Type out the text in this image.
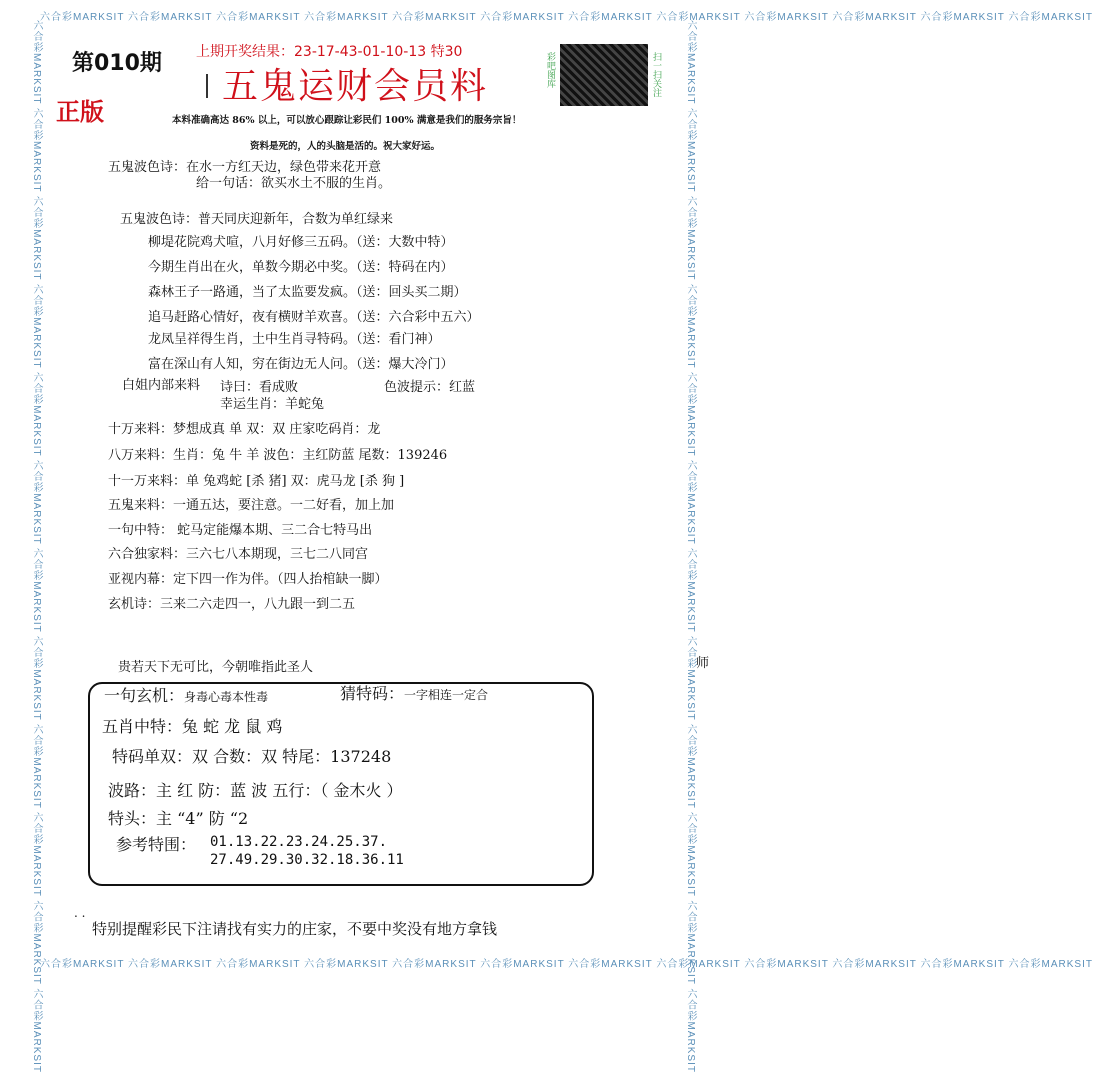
六合彩MARKSIT 六合彩MARKSIT 六合彩MARKSIT 六合彩MARKSIT 六合彩MARKSIT 六合彩MARKSIT 六合彩MARKSIT 六合彩MARKSIT 六合彩MARKSIT 六合彩MARKSIT 六合彩MARKSIT 六合彩MARKSIT
六合彩MARKSIT 六合彩MARKSIT 六合彩MARKSIT 六合彩MARKSIT 六合彩MARKSIT 六合彩MARKSIT 六合彩MARKSIT 六合彩MARKSIT 六合彩MARKSIT 六合彩MARKSIT 六合彩MARKSIT 六合彩MARKSIT
六合彩MARKSIT 六合彩MARKSIT 六合彩MARKSIT 六合彩MARKSIT 六合彩MARKSIT 六合彩MARKSIT 六合彩MARKSIT 六合彩MARKSIT 六合彩MARKSIT 六合彩MARKSIT 六合彩MARKSIT 六合彩MARKSIT	六合彩MARKSIT 六合彩MARKSIT 六合彩MARKSIT 六合彩MARKSIT 六合彩MARKSIT 六合彩MARKSIT 六合彩MARKSIT 六合彩MARKSIT 六合彩MARKSIT 六合彩MARKSIT 六合彩MARKSIT 六合彩MARKSIT
第010期
正版
上期开奖结果：23-17-43-01-10-13 特30
五鬼运财会员料	彩吧图库	扫一扫关注
本料准确高达 86% 以上，可以放心跟踪让彩民们 100% 满意是我们的服务宗旨！
资料是死的，人的头脑是活的。祝大家好运。
五鬼波色诗：在水一方红天边，绿色带来花开意
给一句话：欲买水土不服的生肖。
五鬼波色诗：普天同庆迎新年，合数为单红绿来
柳堤花院鸡犬喧，八月好修三五码。（送：大数中特）
今期生肖出在火，单数今期必中奖。（送：特码在内）
森林王子一路通，当了太监要发疯。（送：回头买二期）
追马赶路心情好，夜有横财羊欢喜。（送：六合彩中五六）
龙凤呈祥得生肖，土中生肖寻特码。（送：看门神）
富在深山有人知，穷在街边无人问。（送：爆大冷门）
白姐内部来料 诗曰：看成败	色波提示：红蓝
幸运生肖：羊蛇兔
十万来料：梦想成真 单 双：双 庄家吃码肖：龙
八万来料：生肖：兔 牛 羊 波色：主红防蓝 尾数：139246
十一万来料：单 兔鸡蛇 [杀 猪] 双：虎马龙 [杀 狗 ]
五鬼来料：一通五达，要注意。一二好看，加上加
一句中特： 蛇马定能爆本期、三二合七特马出
六合独家料：三六七八本期现，三七二八同宫
亚视内幕：定下四一作为伴。（四人抬棺缺一脚）
玄机诗：三来二六走四一，八九跟一到二五
贵若天下无可比，今朝唯指此圣人
一句玄机：身毒心毒本性毒	猜特码：一字相连一定合
五肖中特：兔 蛇 龙 鼠 鸡
特码单双：双 合数：双 特尾：137248
波路：主 红 防：蓝 波 五行：（ 金木火 ）
特头：主 “4” 防 “2
参考特围： 01.13.22.23.24.25.37.
27.49.29.30.32.18.36.11
. .
特别提醒彩民下注请找有实力的庄家，不要中奖没有地方拿钱
师
